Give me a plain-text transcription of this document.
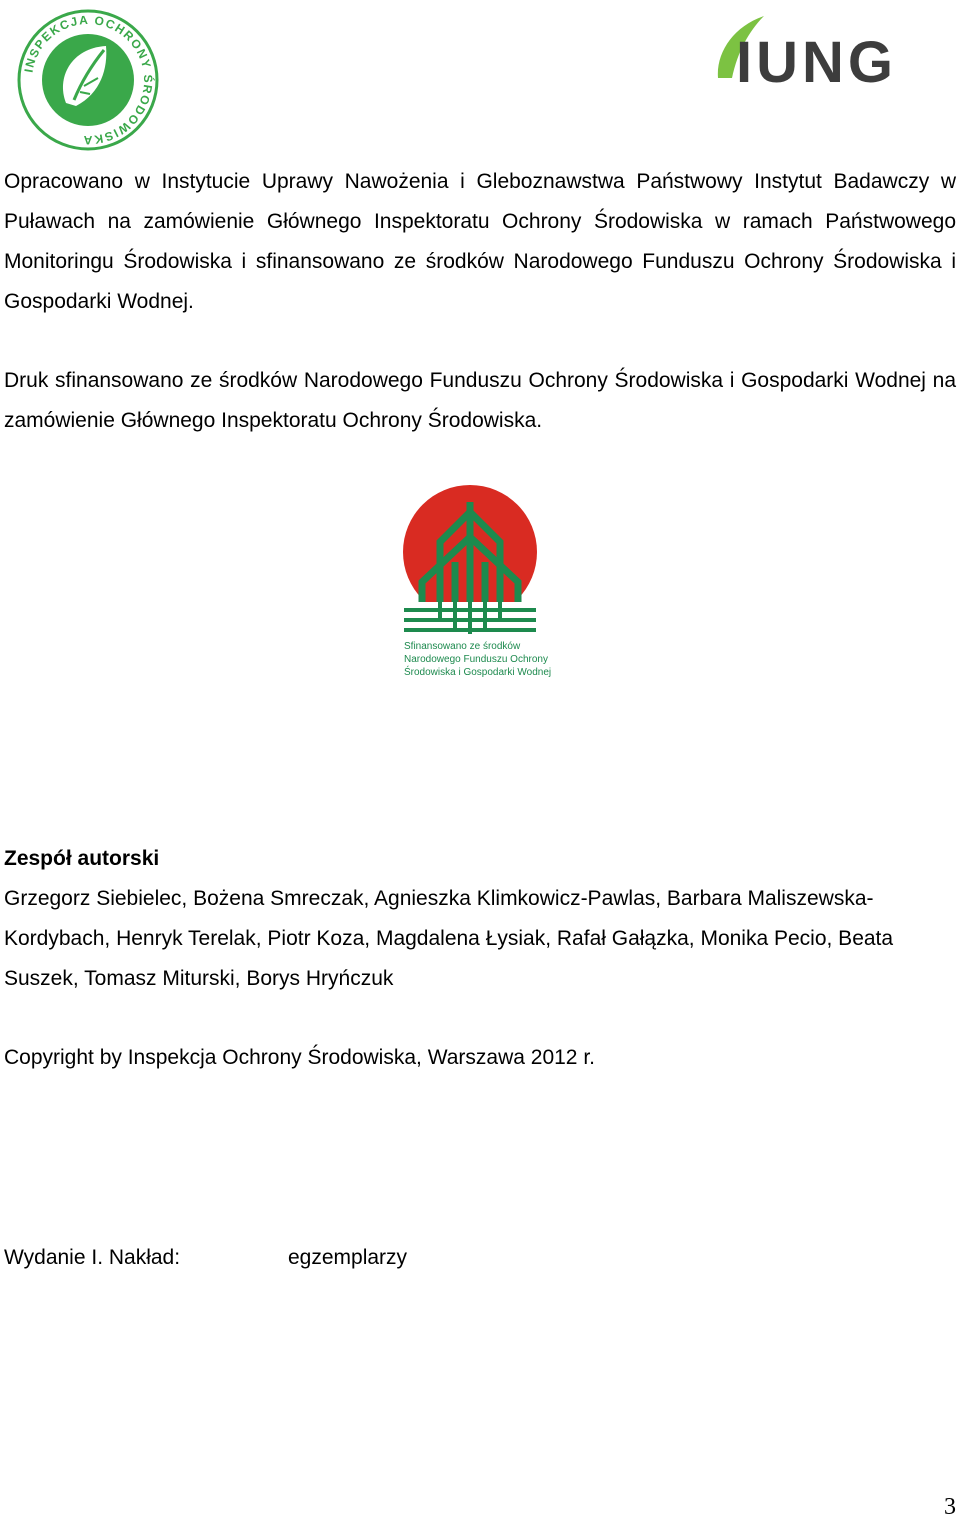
INSPEKCJA OCHRONY ŚRODOWISKA
IUNG

Opracowano w Instytucie Uprawy Nawożenia i Gleboznawstwa Państwowy Instytut Badawczy w Puławach na zamówienie Głównego Inspektoratu Ochrony Środowiska w ramach Państwowego Monitoringu Środowiska i sfinansowano ze środków Narodowego Funduszu Ochrony Środowiska i Gospodarki Wodnej.

Druk sfinansowano ze środków Narodowego Funduszu Ochrony Środowiska i Gospodarki Wodnej na zamówienie Głównego Inspektoratu Ochrony Środowiska.

Sfinansowano ze środków
Narodowego Funduszu Ochrony
Środowiska i Gospodarki Wodnej

Zespół autorski

Grzegorz Siebielec, Bożena Smreczak, Agnieszka Klimkowicz-Pawlas, Barbara Maliszewska-Kordybach, Henryk Terelak, Piotr Koza, Magdalena Łysiak, Rafał Gałązka, Monika Pecio, Beata Suszek, Tomasz Miturski, Borys Hryńczuk

Copyright by Inspekcja Ochrony Środowiska, Warszawa 2012 r.

Wydanie I. Nakład:	egzemplarzy

3
